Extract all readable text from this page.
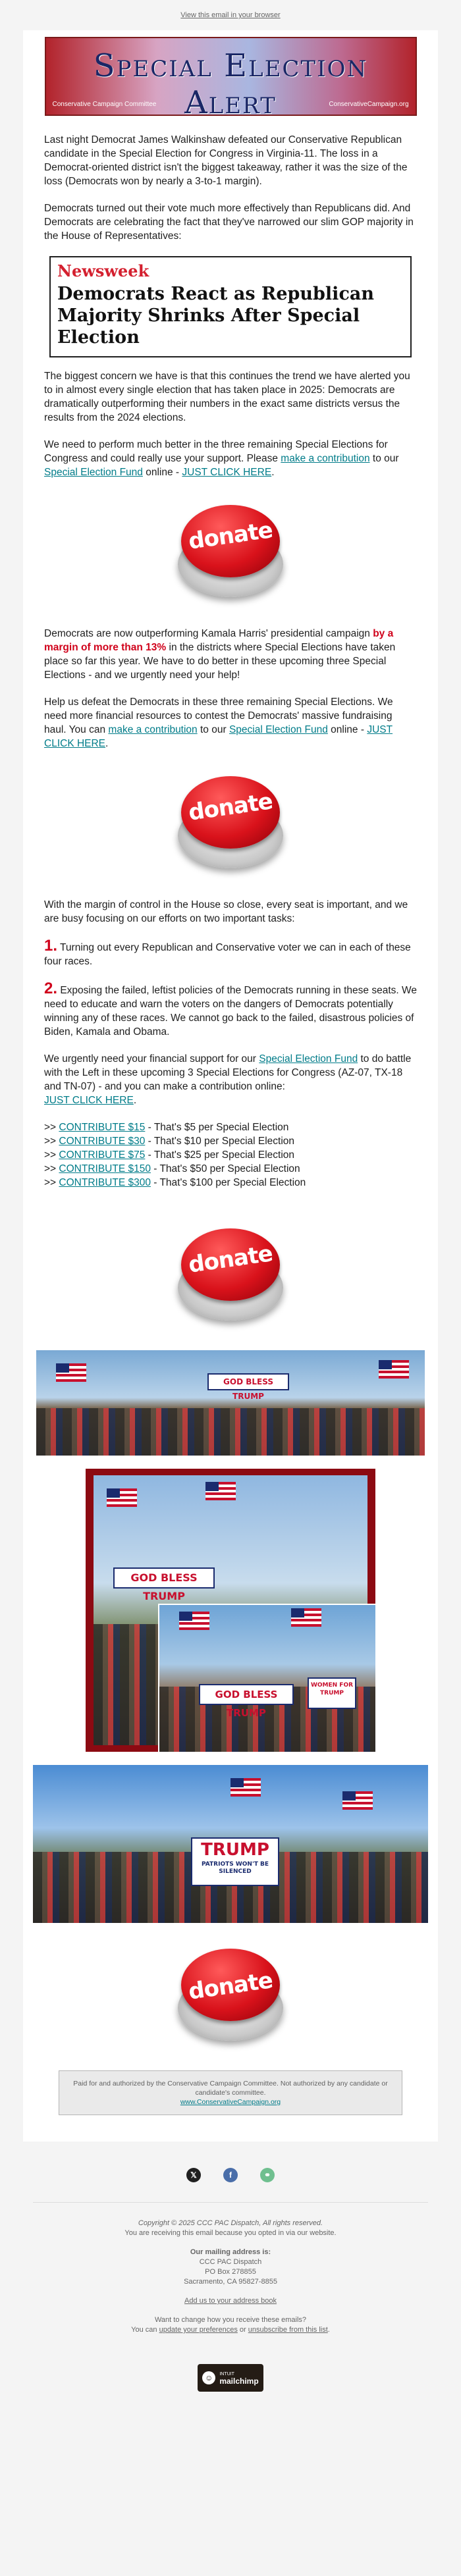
View this email in your browser
Special Election Alert
Conservative Campaign Committee	ConservativeCampaign.org

Last night Democrat James Walkinshaw defeated our Conservative Republican candidate in the Special Election for Congress in Virginia-11. The loss in a Democrat-oriented district isn't the biggest takeaway, rather it was the size of the loss (Democrats won by nearly a 3-to-1 margin).

Democrats turned out their vote much more effectively than Republicans did. And Democrats are celebrating the fact that they've narrowed our slim GOP majority in the House of Representatives:

Newsweek
Democrats React as Republican Majority Shrinks After Special Election

The biggest concern we have is that this continues the trend we have alerted you to in almost every single election that has taken place in 2025: Democrats are dramatically outperforming their numbers in the exact same districts versus the results from the 2024 elections.

We need to perform much better in the three remaining Special Elections for Congress and could really use your support. Please make a contribution to our Special Election Fund online - JUST CLICK HERE.

donate

Democrats are now outperforming Kamala Harris' presidential campaign by a margin of more than 13% in the districts where Special Elections have taken place so far this year. We have to do better in these upcoming three Special Elections - and we urgently need your help!

Help us defeat the Democrats in these three remaining Special Elections. We need more financial resources to contest the Democrats' massive fundraising haul. You can make a contribution to our Special Election Fund online - JUST CLICK HERE.

donate

With the margin of control in the House so close, every seat is important, and we are busy focusing on our efforts on two important tasks:

1. Turning out every Republican and Conservative voter we can in each of these four races.

2. Exposing the failed, leftist policies of the Democrats running in these seats. We need to educate and warn the voters on the dangers of Democrats potentially winning any of these races. We cannot go back to the failed, disastrous policies of Biden, Kamala and Obama.

We urgently need your financial support for our Special Election Fund to do battle with the Left in these upcoming 3 Special Elections for Congress (AZ-07, TX-18 and TN-07) - and you can make a contribution online:
JUST CLICK HERE.

>> CONTRIBUTE $15 - That's $5 per Special Election

>> CONTRIBUTE $30 - That's $10 per Special Election

>> CONTRIBUTE $75 - That's $25 per Special Election

>> CONTRIBUTE $150 - That's $50 per Special Election

>> CONTRIBUTE $300 - That's $100 per Special Election

donate
GOD BLESS TRUMP
GOD BLESS TRUMP
GOD BLESS TRUMP
WOMEN FOR TRUMP
TRUMP
PATRIOTS WON'T BE SILENCED
donate
Paid for and authorized by the Conservative Campaign Committee. Not authorized by any candidate or candidate's committee.
www.ConservativeCampaign.org
𝕏	f	⚭

Copyright © 2025 CCC PAC Dispatch, All rights reserved.
You are receiving this email because you opted in via our website.

Our mailing address is:
CCC PAC Dispatch
PO Box 278855
Sacramento, CA 95827-8855

Add us to your address book

Want to change how you receive these emails?
You can update your preferences or unsubscribe from this list.

☺	INTUIT
mailchimp
